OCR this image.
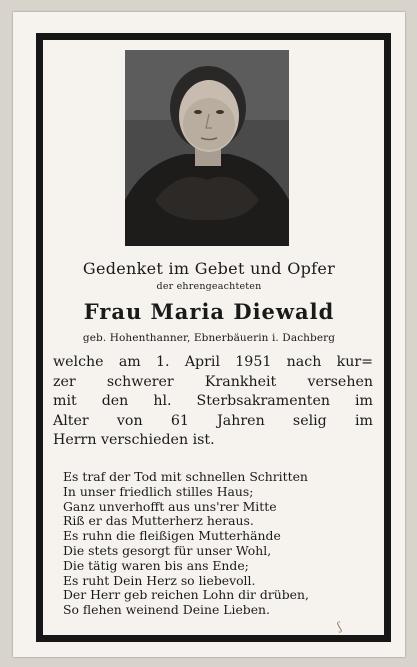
Gedenket im Gebet und Opfer
der ehrengeachteten
Frau Maria Diewald
geb. Hohenthanner, Ebnerbäuerin i. Dachberg
welche am 1. April 1951 nach kur=
zer schwerer Krankheit versehen
mit den hl. Sterbsakramenten im
Alter von 61 Jahren selig im
Herrn verschieden ist.
Es traf der Tod mit schnellen Schritten
In unser friedlich stilles Haus;
Ganz unverhofft aus uns'rer Mitte
Riß er das Mutterherz heraus.
Es ruhn die fleißigen Mutterhände
Die stets gesorgt für unser Wohl,
Die tätig waren bis ans Ende;
Es ruht Dein Herz so liebevoll.
Der Herr geb reichen Lohn dir drüben,
So flehen weinend Deine Lieben.
ʃ
